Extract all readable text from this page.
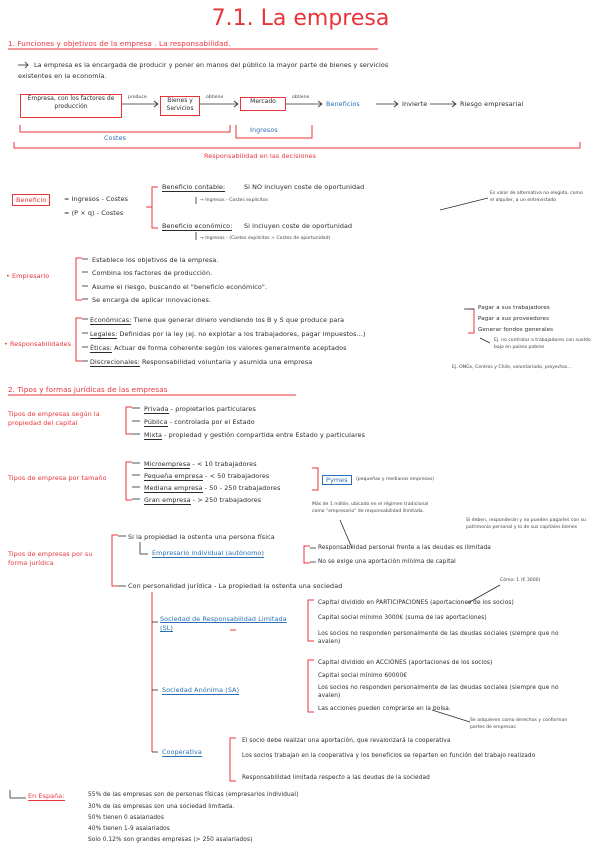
7.1. La empresa
1. Funciones y objetivos de la empresa . La responsabilidad.
La empresa es la encargada de producir y poner en manos del público la mayor parte de bienes y servicios
existentes en la economía.
Empresa, con los factores de producción
produce	Bienes y Servicios
obtiene
Mercado
obtiene
Beneficios	Invierte	Riesgo empresarial
Costes
Ingresos
Responsabilidad en las decisiones
Beneficio	= Ingresos - Costes
= (P × q) - Costes
Beneficio contable:	Si NO incluyen coste de oportunidad
→ Ingresos - Costes explícitos
Beneficio económico: Si incluyen coste de oportunidad
→ Ingresos - (Costes explícitos + Costes de oportunidad)
Es valor de alternativa no elegida, como el alquiler, a un entrevistado
• Empresario
Establece los objetivos de la empresa.
Combina los factores de producción.
Asume el riesgo, buscando el "beneficio económico".
Se encarga de aplicar innovaciones.
• Responsabilidades
Económicas: Tiene que generar dinero vendiendo los B y S que produce para
Legales: Definidas por la ley (ej. no explotar a los trabajadores, pagar impuestos...)
Éticas: Actuar de forma coherente según los valores generalmente aceptados
Discrecionales: Responsabilidad voluntaria y asumida una empresa
Pagar a sus trabajadores
Pagar a sus proveedores
Generar fondos generales
Ej. no contratar a trabajadores con sueldo bajo en países pobres
Ej. ONGs, Centros y Chile, voluntariado, proyectos...
2. Tipos y formas jurídicas de las empresas
Tipos de empresas según la propiedad del capital
Privada - propietarios particulares
Pública - controlada por el Estado
Mixta - propiedad y gestión compartida entre Estado y particulares
Tipos de empresa por tamaño
Microempresa - < 10 trabajadores
Pequeña empresa - < 50 trabajadores
Mediana empresa - 50 - 250 trabajadores
Gran empresa - > 250 trabajadores
Pymes	(pequeñas y medianas empresas)
Más de 1 millón, ubicado en el régimen tradicional como "empresario" de responsabilidad ilimitada.
Tipos de empresas por su forma jurídica
Si la propiedad la ostenta una persona física
Empresario individual (autónomo)
Responsabilidad personal frente a las deudas es ilimitada
No se exige una aportación mínima de capital
Si deben, responderán y no pueden pagarles con su patrimonio personal y lo de sus capitales bienes
Con personalidad jurídica - La propiedad la ostenta una sociedad
Sociedad de Responsabilidad Limitada (SL)
Capital dividido en PARTICIPACIONES (aportaciones de los socios)
Capital social mínimo 3000€ (suma de las aportaciones)
Los socios no responden personalmente de las deudas sociales (siempre que no avalen)
Cómo: 1 (€ 3000)
Sociedad Anónima (SA)
Capital dividido en ACCIONES (aportaciones de los socios)
Capital social mínimo 60000€
Los socios no responden personalmente de las deudas sociales (siempre que no avalen)
Las acciones pueden comprarse en la bolsa.
Se adquieren como derechos y conforman partes de empresas
Cooperativa
El socio debe realizar una aportación, que revalorizará la cooperativa
Los socios trabajan en la cooperativa y los beneficios se reparten en función del trabajo realizado
Responsabilidad limitada respecto a las deudas de la sociedad
En España:	55% de las empresas son de personas físicas (empresarios individual)
30% de las empresas son una sociedad limitada.
50% tienen 0 asalariados
40% tienen 1-9 asalariados
Solo 0.12% son grandes empresas (> 250 asalariados)
